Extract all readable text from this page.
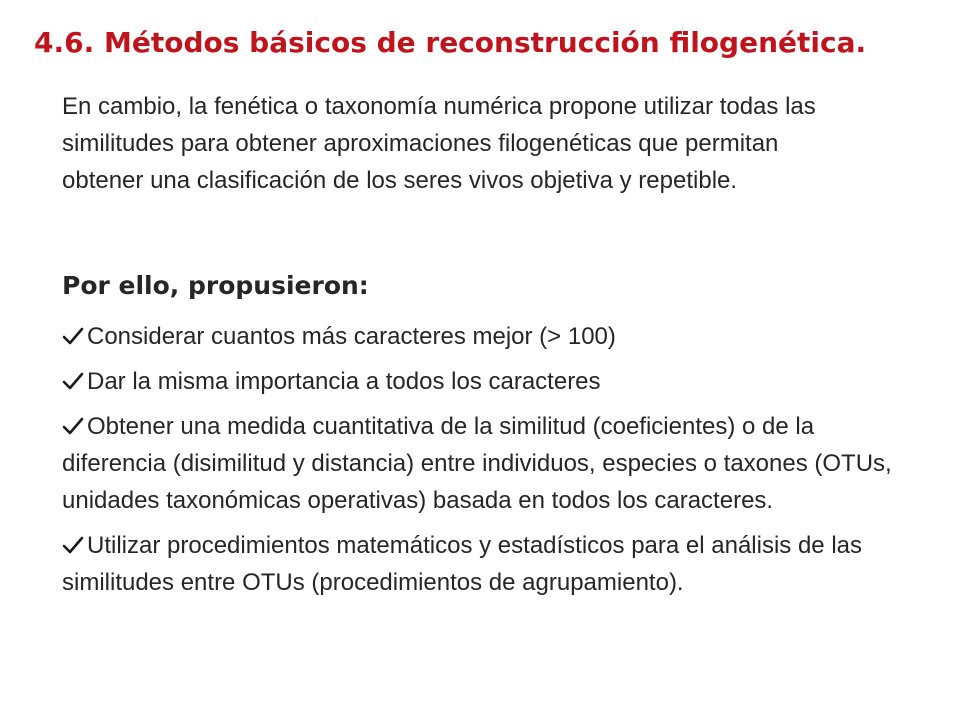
4.6. Métodos básicos de reconstrucción filogenética.

En cambio, la fenética o taxonomía numérica propone utilizar todas las similitudes para obtener aproximaciones filogenéticas que permitan obtener una clasificación de los seres vivos objetiva y repetible.

Por ello, propusieron:
Considerar cuantos más caracteres mejor (> 100)
Dar la misma importancia a todos los caracteres
Obtener una medida cuantitativa de la similitud (coeficientes) o de la diferencia (disimilitud y distancia) entre individuos, especies o taxones (OTUs, unidades taxonómicas operativas) basada en todos los caracteres.
Utilizar procedimientos matemáticos y estadísticos para el análisis de las similitudes entre OTUs (procedimientos de agrupamiento).
